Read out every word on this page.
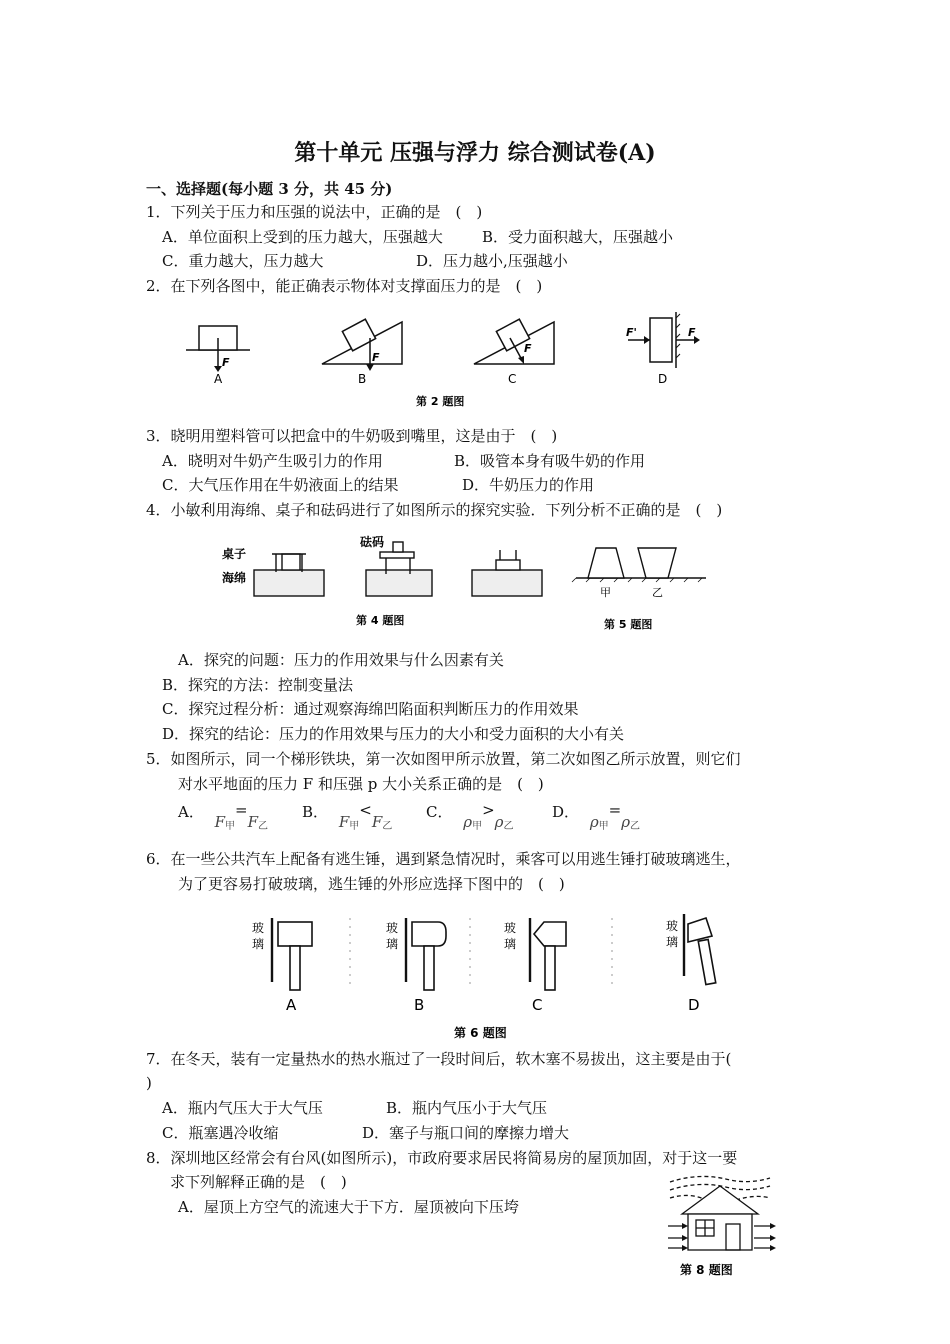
第十单元 压强与浮力 综合测试卷(A)
一、选择题(每小题 3 分，共 45 分)
1．下列关于压力和压强的说法中，正确的是　(　)
A．单位面积上受到的压力越大，压强越大	B．受力面积越大，压强越小
C．重力越大，压力越大	D．压力越小,压强越小
2．在下列各图中，能正确表示物体对支撑面压力的是　(　)
F	F
F
F'	F
A	B	C	D
第 2 题图
3．晓明用塑料管可以把盒中的牛奶吸到嘴里，这是由于　(　)
A．晓明对牛奶产生吸引力的作用	B．吸管本身有吸牛奶的作用
C．大气压作用在牛奶液面上的结果	D．牛奶压力的作用
4．小敏利用海绵、桌子和砝码进行了如图所示的探究实验．下列分析不正确的是　(　)
桌子
海绵
砝码
第 4 题图
甲	乙
第 5 题图
A．探究的问题：压力的作用效果与什么因素有关
B．探究的方法：控制变量法
C．探究过程分析：通过观察海绵凹陷面积判断压力的作用效果
D．探究的结论：压力的作用效果与压力的大小和受力面积的大小有关
5．如图所示，同一个梯形铁块，第一次如图甲所示放置，第二次如图乙所示放置，则它们
对水平地面的压力 F 和压强 p 大小关系正确的是　(　)
A． $F_甲=F_乙$
B． $F_甲<F_乙$
C． $\rho_甲>\rho_乙$
D． $\rho_甲=\rho_乙$
6．在一些公共汽车上配备有逃生锤，遇到紧急情况时，乘客可以用逃生锤打破玻璃逃生，
为了更容易打破玻璃，逃生锤的外形应选择下图中的　(　)
玻
璃
玻
璃
玻
璃
玻
璃
A	B	C	D
第 6 题图
7．在冬天，装有一定量热水的热水瓶过了一段时间后，软木塞不易拔出，这主要是由于(
)
A．瓶内气压大于大气压	B．瓶内气压小于大气压
C．瓶塞遇冷收缩	D．塞子与瓶口间的摩擦力增大
8．深圳地区经常会有台风(如图所示)，市政府要求居民将简易房的屋顶加固，对于这一要
求下列解释正确的是　(　)
A．屋顶上方空气的流速大于下方．屋顶被向下压垮
第 8 题图
